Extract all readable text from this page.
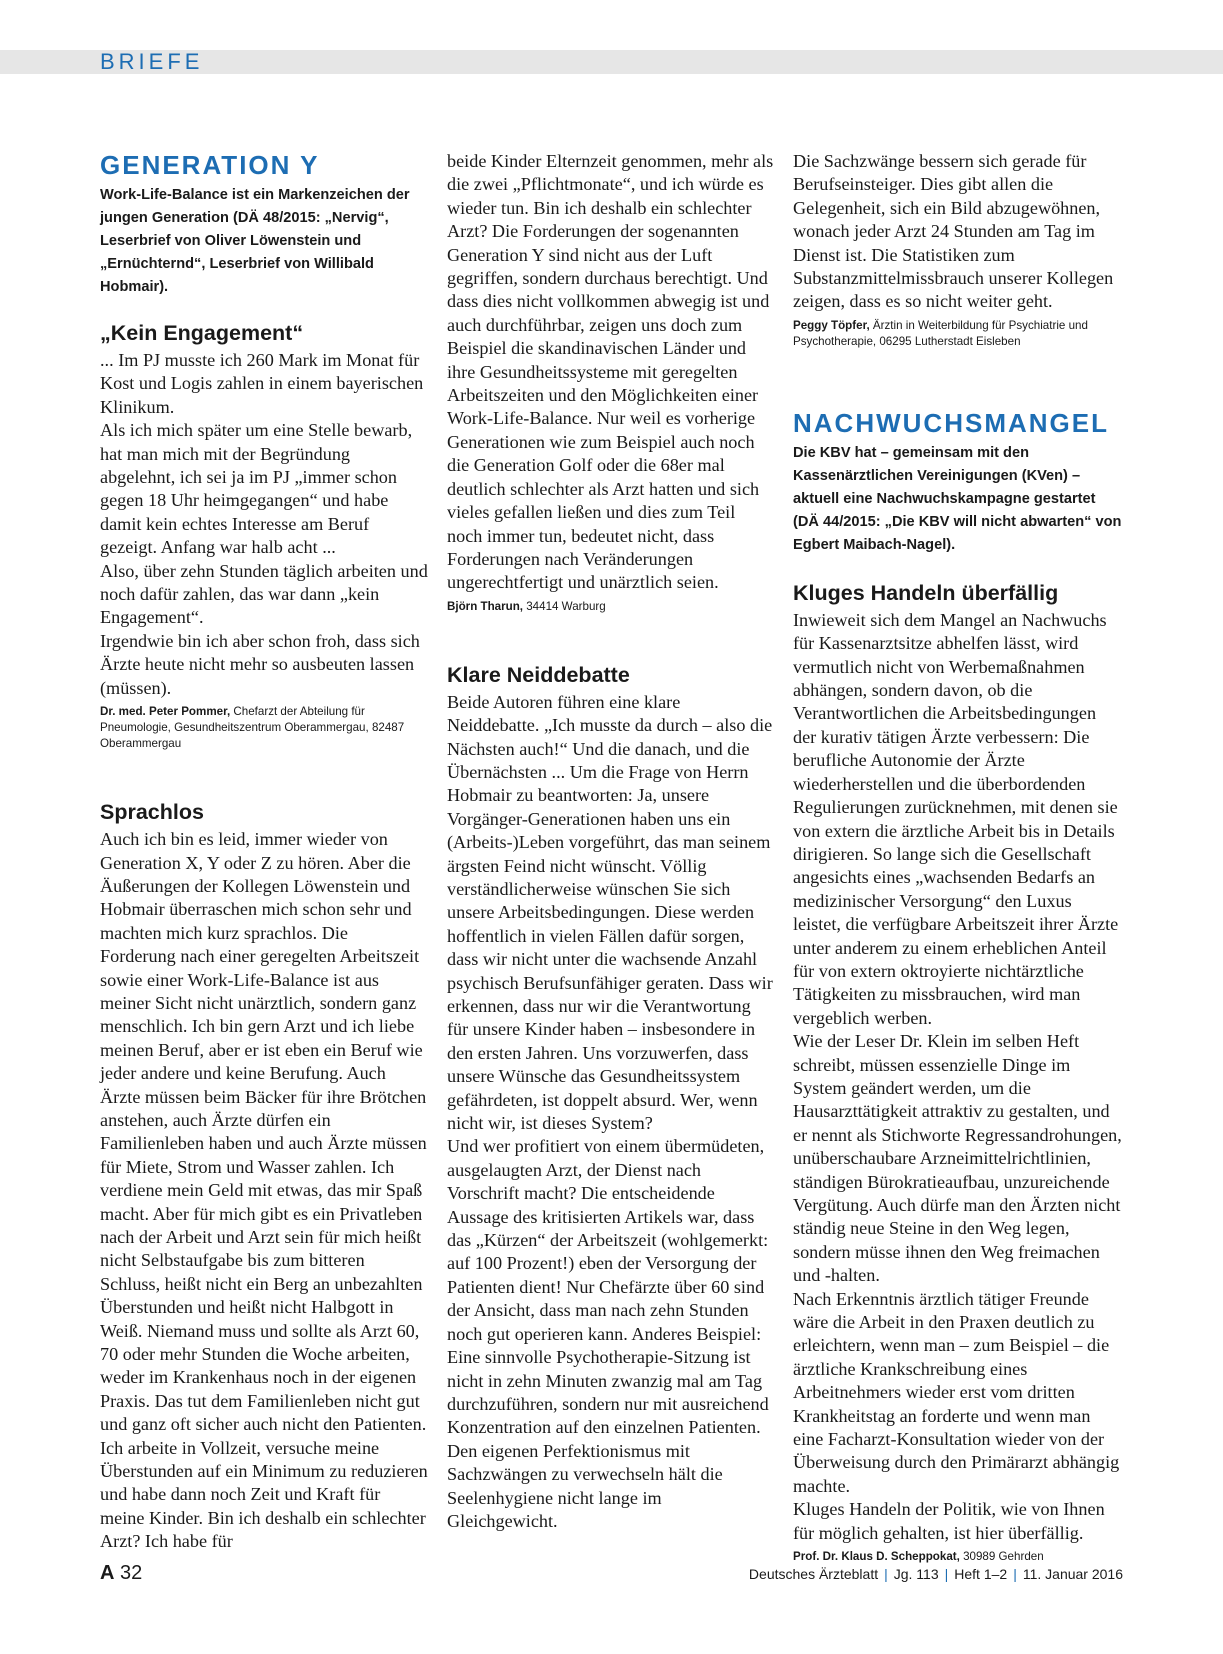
BRIEFE
GENERATION Y

Work-Life-Balance ist ein Markenzeichen der jungen Generation (DÄ 48/2015: „Nervig“, Leserbrief von Oliver Löwenstein und „Ernüchternd“, Leserbrief von Willibald Hobmair).

„Kein Engagement“

... Im PJ musste ich 260 Mark im Monat für Kost und Logis zahlen in einem bayerischen Klinikum.

Als ich mich später um eine Stelle bewarb, hat man mich mit der Begründung abgelehnt, ich sei ja im PJ „immer schon gegen 18 Uhr heimgegangen“ und habe damit kein echtes Interesse am Beruf gezeigt. Anfang war halb acht ...

Also, über zehn Stunden täglich arbeiten und noch dafür zahlen, das war dann „kein Engagement“.

Irgendwie bin ich aber schon froh, dass sich Ärzte heute nicht mehr so ausbeuten lassen (müssen).

Dr. med. Peter Pommer, Chefarzt der Abteilung für Pneumologie, Gesundheitszentrum Oberammergau, 82487 Oberammergau

Sprachlos

Auch ich bin es leid, immer wieder von Generation X, Y oder Z zu hören. Aber die Äußerungen der Kollegen Löwenstein und Hobmair überraschen mich schon sehr und machten mich kurz sprachlos. Die Forderung nach einer geregelten Arbeitszeit sowie einer Work-Life-Balance ist aus meiner Sicht nicht unärztlich, sondern ganz menschlich. Ich bin gern Arzt und ich liebe meinen Beruf, aber er ist eben ein Beruf wie jeder andere und keine Berufung. Auch Ärzte müssen beim Bäcker für ihre Brötchen anstehen, auch Ärzte dürfen ein Familienleben haben und auch Ärzte müssen für Miete, Strom und Wasser zahlen. Ich verdiene mein Geld mit etwas, das mir Spaß macht. Aber für mich gibt es ein Privatleben nach der Arbeit und Arzt sein für mich heißt nicht Selbstaufgabe bis zum bitteren Schluss, heißt nicht ein Berg an unbezahlten Überstunden und heißt nicht Halbgott in Weiß. Niemand muss und sollte als Arzt 60, 70 oder mehr Stunden die Woche arbeiten, weder im Krankenhaus noch in der eigenen Praxis. Das tut dem Familienleben nicht gut und ganz oft sicher auch nicht den Patienten. Ich arbeite in Vollzeit, versuche meine Überstunden auf ein Minimum zu reduzieren und habe dann noch Zeit und Kraft für meine Kinder. Bin ich deshalb ein schlechter Arzt? Ich habe für

beide Kinder Elternzeit genommen, mehr als die zwei „Pflichtmonate“, und ich würde es wieder tun. Bin ich deshalb ein schlechter Arzt? Die Forderungen der sogenannten Generation Y sind nicht aus der Luft gegriffen, sondern durchaus berechtigt. Und dass dies nicht vollkommen abwegig ist und auch durchführbar, zeigen uns doch zum Beispiel die skandinavischen Länder und ihre Gesundheitssysteme mit geregelten Arbeitszeiten und den Möglichkeiten einer Work-Life-Balance. Nur weil es vorherige Generationen wie zum Beispiel auch noch die Generation Golf oder die 68er mal deutlich schlechter als Arzt hatten und sich vieles gefallen ließen und dies zum Teil noch immer tun, bedeutet nicht, dass Forderungen nach Veränderungen ungerechtfertigt und unärztlich seien.

Björn Tharun, 34414 Warburg

Klare Neiddebatte

Beide Autoren führen eine klare Neiddebatte. „Ich musste da durch – also die Nächsten auch!“ Und die danach, und die Übernächsten ... Um die Frage von Herrn Hobmair zu beantworten: Ja, unsere Vorgänger-Generationen haben uns ein (Arbeits-)Leben vorgeführt, das man seinem ärgsten Feind nicht wünscht. Völlig verständlicherweise wünschen Sie sich unsere Arbeitsbedingungen. Diese werden hoffentlich in vielen Fällen dafür sorgen, dass wir nicht unter die wachsende Anzahl psychisch Berufsunfähiger geraten. Dass wir erkennen, dass nur wir die Verantwortung für unsere Kinder haben – insbesondere in den ersten Jahren. Uns vorzuwerfen, dass unsere Wünsche das Gesundheitssystem gefährdeten, ist doppelt absurd. Wer, wenn nicht wir, ist dieses System?

Und wer profitiert von einem übermüdeten, ausgelaugten Arzt, der Dienst nach Vorschrift macht? Die entscheidende Aussage des kritisierten Artikels war, dass das „Kürzen“ der Arbeitszeit (wohlgemerkt: auf 100 Prozent!) eben der Versorgung der Patienten dient! Nur Chefärzte über 60 sind der Ansicht, dass man nach zehn Stunden noch gut operieren kann. Anderes Beispiel: Eine sinnvolle Psychotherapie-Sitzung ist nicht in zehn Minuten zwanzig mal am Tag durchzuführen, sondern nur mit ausreichend Konzentration auf den einzelnen Patienten.

Den eigenen Perfektionismus mit Sachzwängen zu verwechseln hält die Seelenhygiene nicht lange im Gleichgewicht.

Die Sachzwänge bessern sich gerade für Berufseinsteiger. Dies gibt allen die Gelegenheit, sich ein Bild abzugewöhnen, wonach jeder Arzt 24 Stunden am Tag im Dienst ist. Die Statistiken zum Substanzmittelmissbrauch unserer Kollegen zeigen, dass es so nicht weiter geht.

Peggy Töpfer, Ärztin in Weiterbildung für Psychiatrie und Psychotherapie, 06295 Lutherstadt Eisleben

NACHWUCHSMANGEL

Die KBV hat – gemeinsam mit den Kassenärztlichen Vereinigungen (KVen) – aktuell eine Nachwuchskampagne gestartet (DÄ 44/2015: „Die KBV will nicht abwarten“ von Egbert Maibach-Nagel).

Kluges Handeln überfällig

Inwieweit sich dem Mangel an Nachwuchs für Kassenarztsitze abhelfen lässt, wird vermutlich nicht von Werbemaßnahmen abhängen, sondern davon, ob die Verantwortlichen die Arbeitsbedingungen der kurativ tätigen Ärzte verbessern: Die berufliche Autonomie der Ärzte wiederherstellen und die überbordenden Regulierungen zurücknehmen, mit denen sie von extern die ärztliche Arbeit bis in Details dirigieren. So lange sich die Gesellschaft angesichts eines „wachsenden Bedarfs an medizinischer Versorgung“ den Luxus leistet, die verfügbare Arbeitszeit ihrer Ärzte unter anderem zu einem erheblichen Anteil für von extern oktroyierte nichtärztliche Tätigkeiten zu missbrauchen, wird man vergeblich werben.

Wie der Leser Dr. Klein im selben Heft schreibt, müssen essenzielle Dinge im System geändert werden, um die Hausarzttätigkeit attraktiv zu gestalten, und er nennt als Stichworte Regressandrohungen, unüberschaubare Arzneimittelrichtlinien, ständigen Bürokratieaufbau, unzureichende Vergütung. Auch dürfe man den Ärzten nicht ständig neue Steine in den Weg legen, sondern müsse ihnen den Weg freimachen und -halten.

Nach Erkenntnis ärztlich tätiger Freunde wäre die Arbeit in den Praxen deutlich zu erleichtern, wenn man – zum Beispiel – die ärztliche Krankschreibung eines Arbeitnehmers wieder erst vom dritten Krankheitstag an forderte und wenn man eine Facharzt-Konsultation wieder von der Überweisung durch den Primärarzt abhängig machte.

Kluges Handeln der Politik, wie von Ihnen für möglich gehalten, ist hier überfällig.

Prof. Dr. Klaus D. Scheppokat, 30989 Gehrden

A 32	Deutsches Ärzteblatt | Jg. 113 | Heft 1–2 | 11. Januar 2016
